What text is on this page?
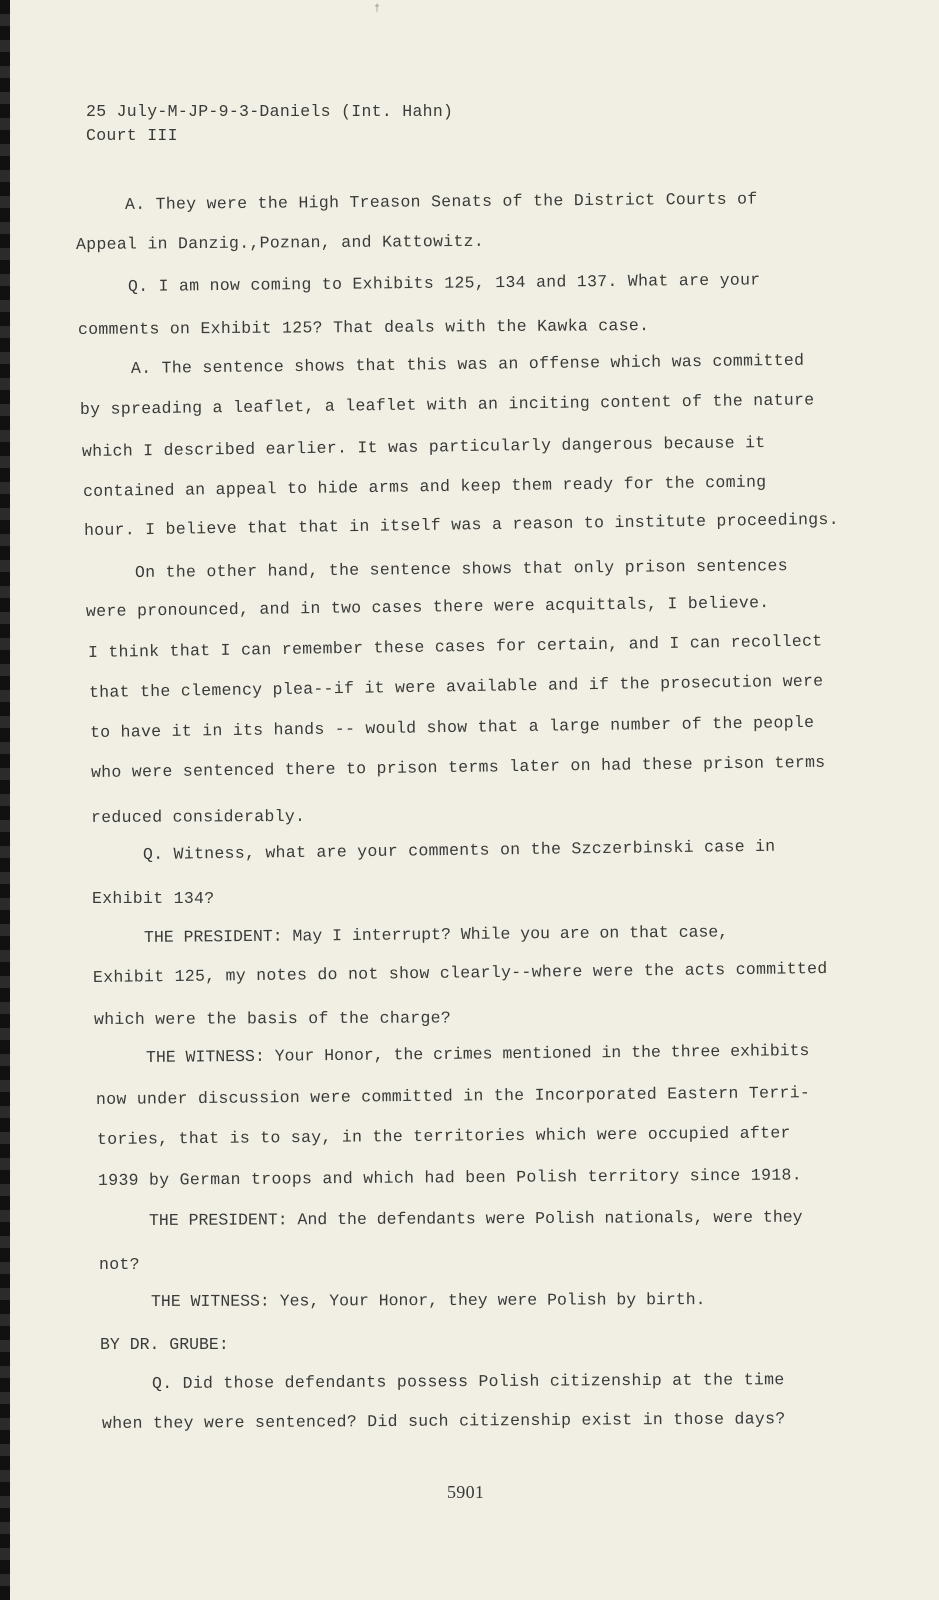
†
25 July-M-JP-9-3-Daniels (Int. Hahn)
Court III
A. They were the High Treason Senats of the District Courts of
Appeal in Danzig.,Poznan, and Kattowitz.
Q. I am now coming to Exhibits 125, 134 and 137. What are your
comments on Exhibit 125? That deals with the Kawka case.
A. The sentence shows that this was an offense which was committed
by spreading a leaflet, a leaflet with an inciting content of the nature
which I described earlier. It was particularly dangerous because it
contained an appeal to hide arms and keep them ready for the coming
hour. I believe that that in itself was a reason to institute proceedings.
On the other hand, the sentence shows that only prison sentences
were pronounced, and in two cases there were acquittals, I believe.
I think that I can remember these cases for certain, and I can recollect
that the clemency plea--if it were available and if the prosecution were
to have it in its hands -- would show that a large number of the people
who were sentenced there to prison terms later on had these prison terms
reduced considerably.
Q. Witness, what are your comments on the Szczerbinski case in
Exhibit 134?
THE PRESIDENT: May I interrupt? While you are on that case,
Exhibit 125, my notes do not show clearly--where were the acts committed
which were the basis of the charge?
THE WITNESS: Your Honor, the crimes mentioned in the three exhibits
now under discussion were committed in the Incorporated Eastern Terri-
tories, that is to say, in the territories which were occupied after
1939 by German troops and which had been Polish territory since 1918.
THE PRESIDENT: And the defendants were Polish nationals, were they
not?
THE WITNESS: Yes, Your Honor, they were Polish by birth.
BY DR. GRUBE:
Q. Did those defendants possess Polish citizenship at the time
when they were sentenced? Did such citizenship exist in those days?
5901
